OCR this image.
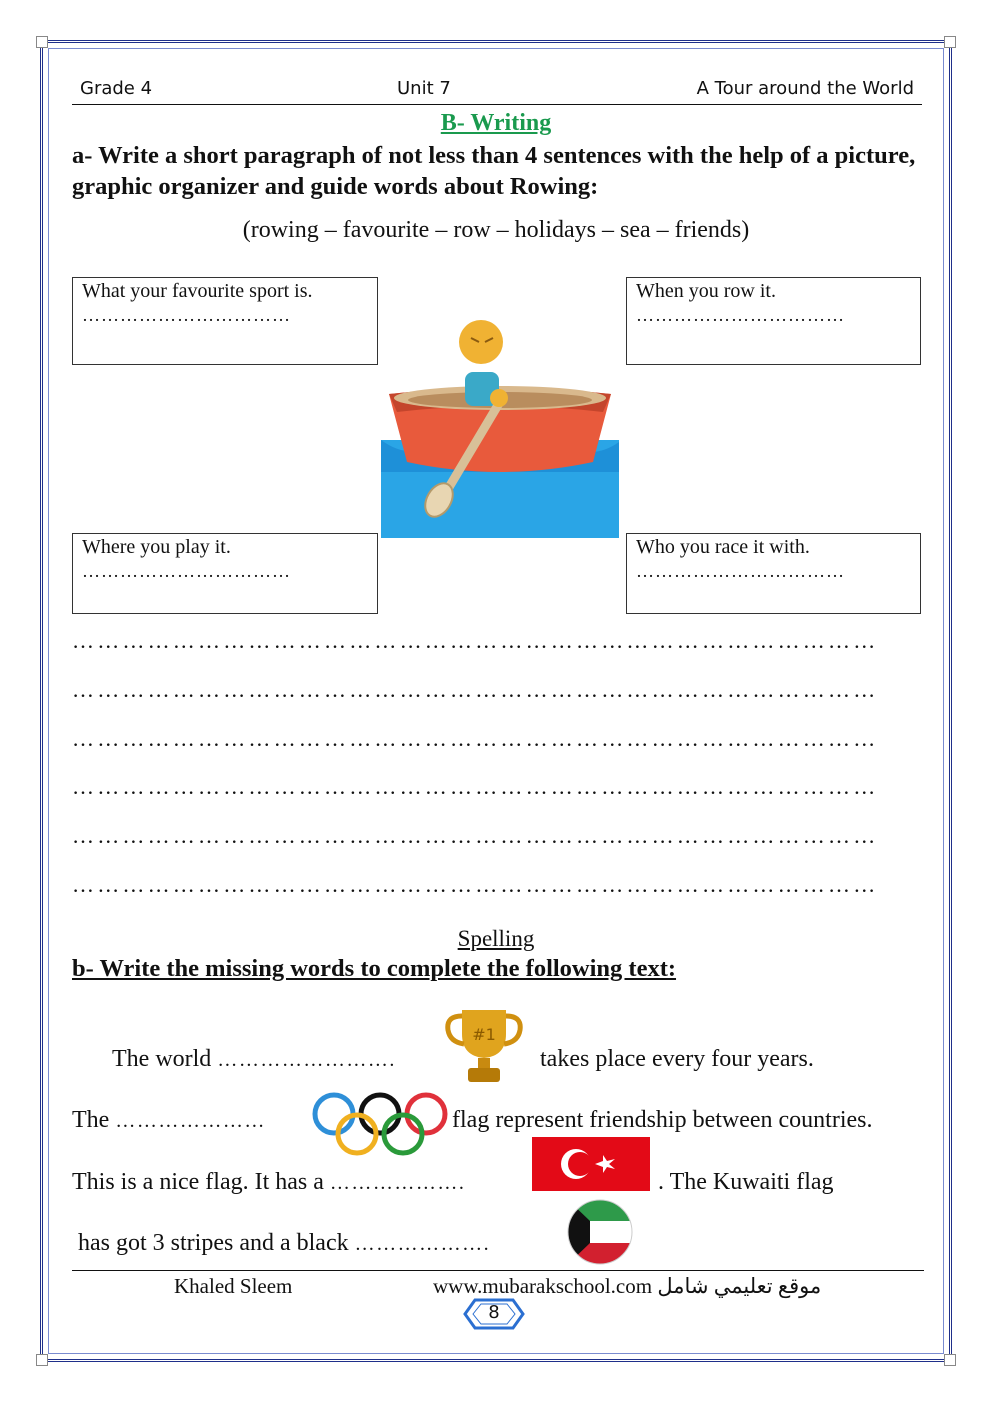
Grade 4	Unit 7	A Tour around the World
B- Writing
a- Write a short paragraph of not less than 4 sentences with the help of a picture, graphic organizer and guide words about Rowing:
(rowing – favourite – row – holidays – sea – friends)
What your favourite sport is.
……………………………
When you row it.
……………………………
Where you play it.
……………………………
Who you race it with.
……………………………
……………………………………………………………………………………
……………………………………………………………………………………
……………………………………………………………………………………
……………………………………………………………………………………
……………………………………………………………………………………
……………………………………………………………………………………
Spelling
b- Write the missing words to complete the following text:
The world …………………….
#1
takes place every four years.
The …………………	flag represent friendship between countries.
This is a nice flag. It has a ……………….	. The Kuwaiti flag
has got 3 stripes and a black ……………….
Khaled Sleem	www.mubarakschool.com موقع تعليمي شامل
8
